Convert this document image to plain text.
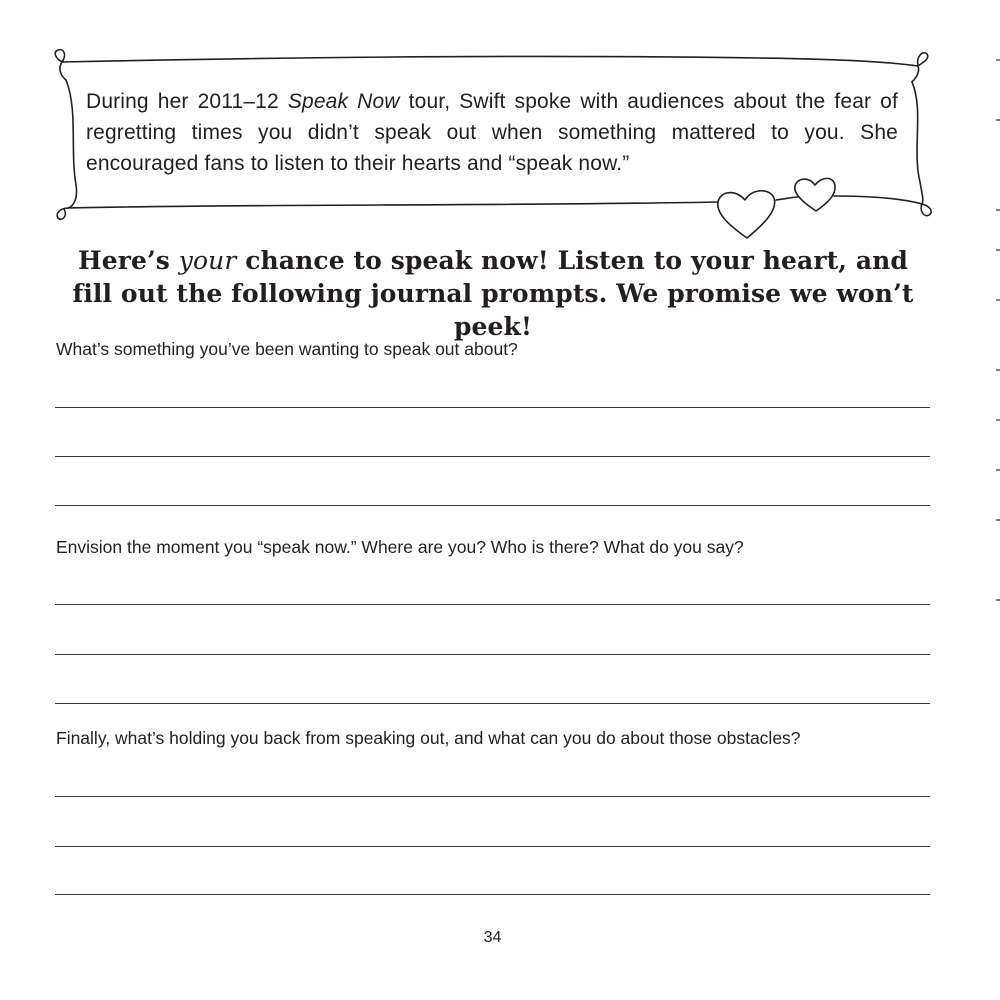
During her 2011–12 Speak Now tour, Swift spoke with audiences about the fear of regretting times you didn’t speak out when something mattered to you. She encouraged fans to listen to their hearts and “speak now.”

Here’s your chance to speak now! Listen to your heart, and fill out the following journal prompts. We promise we won’t peek!
What’s something you’ve been wanting to speak out about?
Envision the moment you “speak now.” Where are you? Who is there? What do you say?
Finally, what’s holding you back from speaking out, and what can you do about those obstacles?
34
